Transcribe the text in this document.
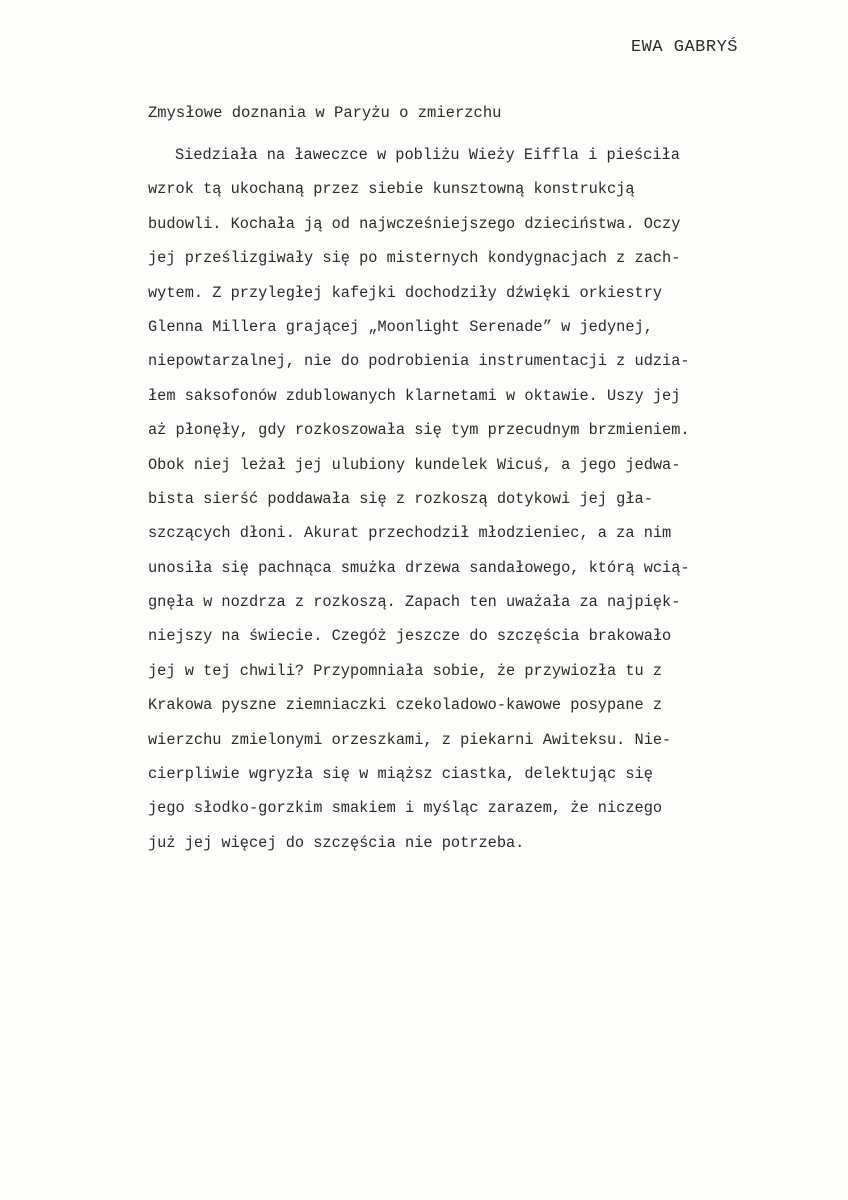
EWA GABRYŚ
Zmysłowe doznania w Paryżu o zmierzchu
Siedziała na ławeczce w pobliżu Wieży Eiffla i pieściła
wzrok tą ukochaną przez siebie kunsztowną konstrukcją
budowli. Kochała ją od najwcześniejszego dzieciństwa. Oczy
jej prześlizgiwały się po misternych kondygnacjach z zach-
wytem. Z przyległej kafejki dochodziły dźwięki orkiestry
Glenna Millera grającej „Moonlight Serenade” w jedynej,
niepowtarzalnej, nie do podrobienia instrumentacji z udzia-
łem saksofonów zdublowanych klarnetami w oktawie. Uszy jej
aż płonęły, gdy rozkoszowała się tym przecudnym brzmieniem.
Obok niej leżał jej ulubiony kundelek Wicuś, a jego jedwa-
bista sierść poddawała się z rozkoszą dotykowi jej gła-
szczących dłoni. Akurat przechodził młodzieniec, a za nim
unosiła się pachnąca smużka drzewa sandałowego, którą wcią-
gnęła w nozdrza z rozkoszą. Zapach ten uważała za najpięk-
niejszy na świecie. Czegóż jeszcze do szczęścia brakowało
jej w tej chwili? Przypomniała sobie, że przywiozła tu z
Krakowa pyszne ziemniaczki czekoladowo-kawowe posypane z
wierzchu zmielonymi orzeszkami, z piekarni Awiteksu. Nie-
cierpliwie wgryzła się w miąższ ciastka, delektując się
jego słodko-gorzkim smakiem i myśląc zarazem, że niczego
już jej więcej do szczęścia nie potrzeba.
